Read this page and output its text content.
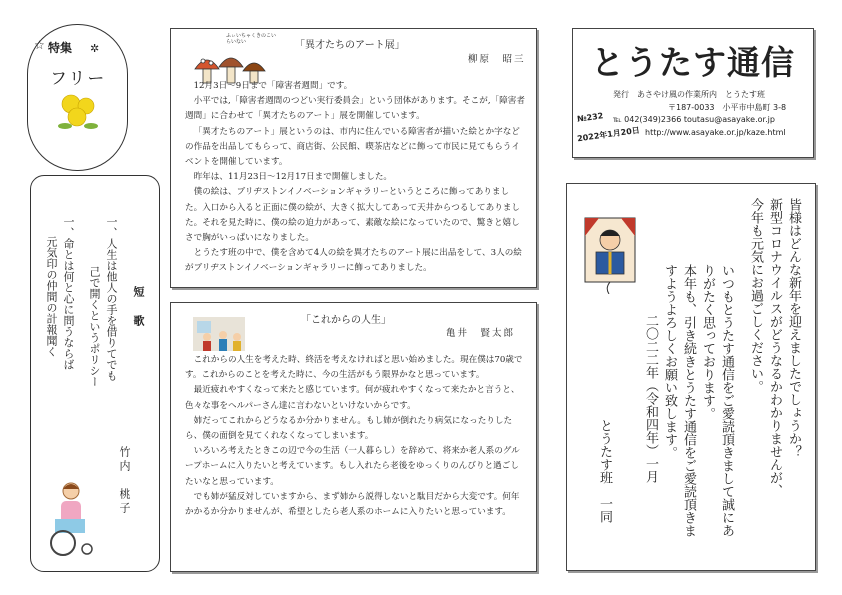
☆ 特集 ✲
フリー
短歌
一、人生は他人の手を借りてでも
己で開くというポリシー
一、命とは何と心に問うならば
元気印の仲間の計報聞く
竹内　桃子
「異才たちのアート展」
柳原　昭三
ふぃいちゃくきのこいらいない

12月3日～9日まで「障害者週間」です。

小平では,「障害者週間のつどい実行委員会」という団体があります。そこが,「障害者週間」に合わせて「異才たちのアート」展を開催しています。

「異才たちのアート」展というのは、市内に住んでいる障害者が描いた絵とか字などの作品を出品してもらって、商店街、公民館、喫茶店などに飾って市民に見てもらうイベントを開催しています。

昨年は、11月23日～12月17日まで開催しました。

僕の絵は、ブリヂストンイノベーションギャラリーというところに飾ってありました。入口から入ると正面に僕の絵が、大きく拡大してあって天井からつるしてありました。それを見た時に、僕の絵の迫力があって、素敵な絵になっていたので、驚きと嬉しさで胸がいっぱいになりました。

とうたす班の中で、僕を含めて4人の絵を異才たちのアート展に出品をして、3人の絵がブリヂストンイノベーションギャラリーに飾ってありました。

「これからの人生」
亀井　賢太郎

これからの人生を考えた時、終活を考えなければと思い始めました。現在僕は70歳です。これからのことを考えた時に、今の生活がもう限界かなと思っています。

最近疲れやすくなって来たと感じています。何が疲れやすくなって来たかと言うと、色々な事をヘルパーさん達に言わないといけないからです。

姉だってこれからどうなるか分かりません。もし姉が倒れたり病気になったりしたら、僕の面倒を見てくれなくなってしまいます。

いろいろ考えたときこの辺で今の生活（一人暮らし）を辞めて、将来か老人系のグループホームに入りたいと考えています。もし入れたら老後をゆっくりのんびりと過ごしたいなと思っています。

でも姉が猛反対していますから、まず姉から説得しないと駄目だから大変です。何年かかるか分かりませんが、希望としたら老人系のホームに入りたいと思っています。

とうたす通信
発行　あさやけ風の作業所内　とうたす班
〒187-0033　小平市中島町 3-8
℡ 042(349)2366 toutasu@asayake.or.jp
http://www.asayake.or.jp/kaze.html
№232
2022年1月20日
皆様はどんな新年を迎えましたでしょうか？
新型コロナウイルスがどうなるかわかりませんが、
今年も元気にお過ごしください。
いつもとうたす通信をご愛読頂きまして誠にあ
りがたく思っております。
本年も、引き続きとうたす通信をご愛読頂きま
すようよろしくお願い致します。
二〇二二年（令和四年）一月
とうたす班　一同
